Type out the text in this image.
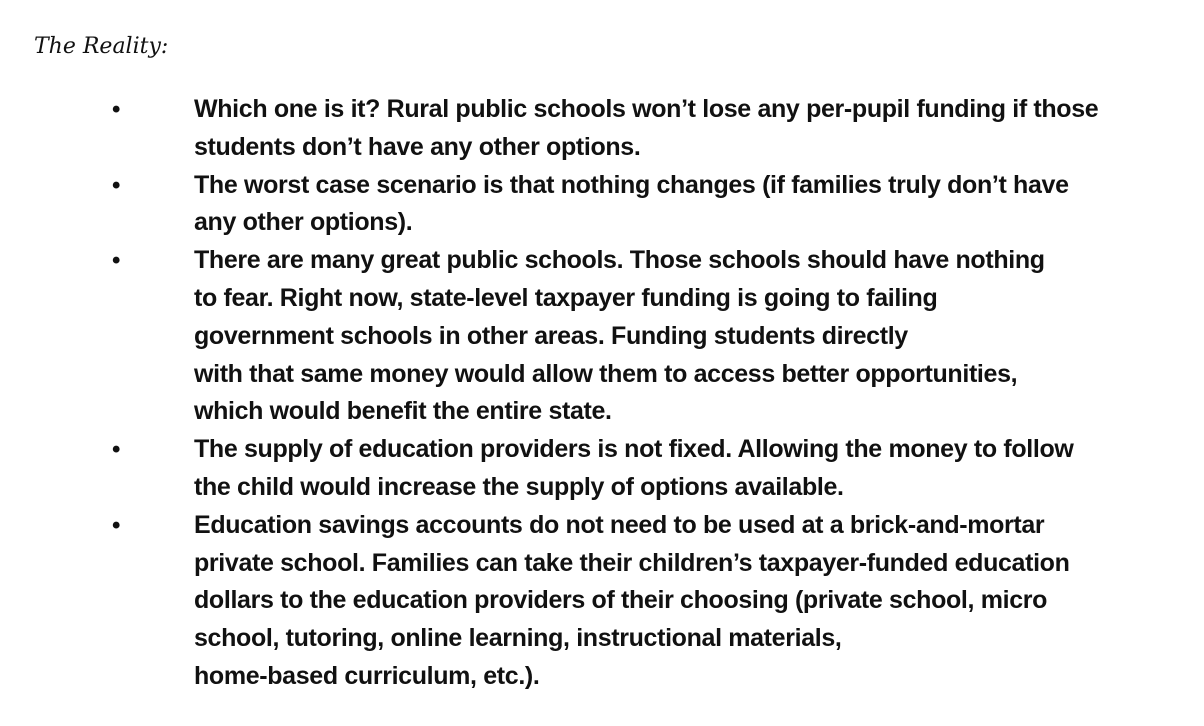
The Reality:
•	Which one is it? Rural public schools won’t lose any per-pupil funding if those
students don’t have any other options.
•	The worst case scenario is that nothing changes (if families truly don’t have
any other options).
•	There are many great public schools. Those schools should have nothing
to fear. Right now, state-level taxpayer funding is going to failing
government schools in other areas. Funding students directly
with that same money would allow them to access better opportunities,
which would benefit the entire state.
•	The supply of education providers is not fixed. Allowing the money to follow
the child would increase the supply of options available.
•	Education savings accounts do not need to be used at a brick-and-mortar
private school. Families can take their children’s taxpayer-funded education
dollars to the education providers of their choosing (private school, micro
school, tutoring, online learning, instructional materials,
home-based curriculum, etc.).
